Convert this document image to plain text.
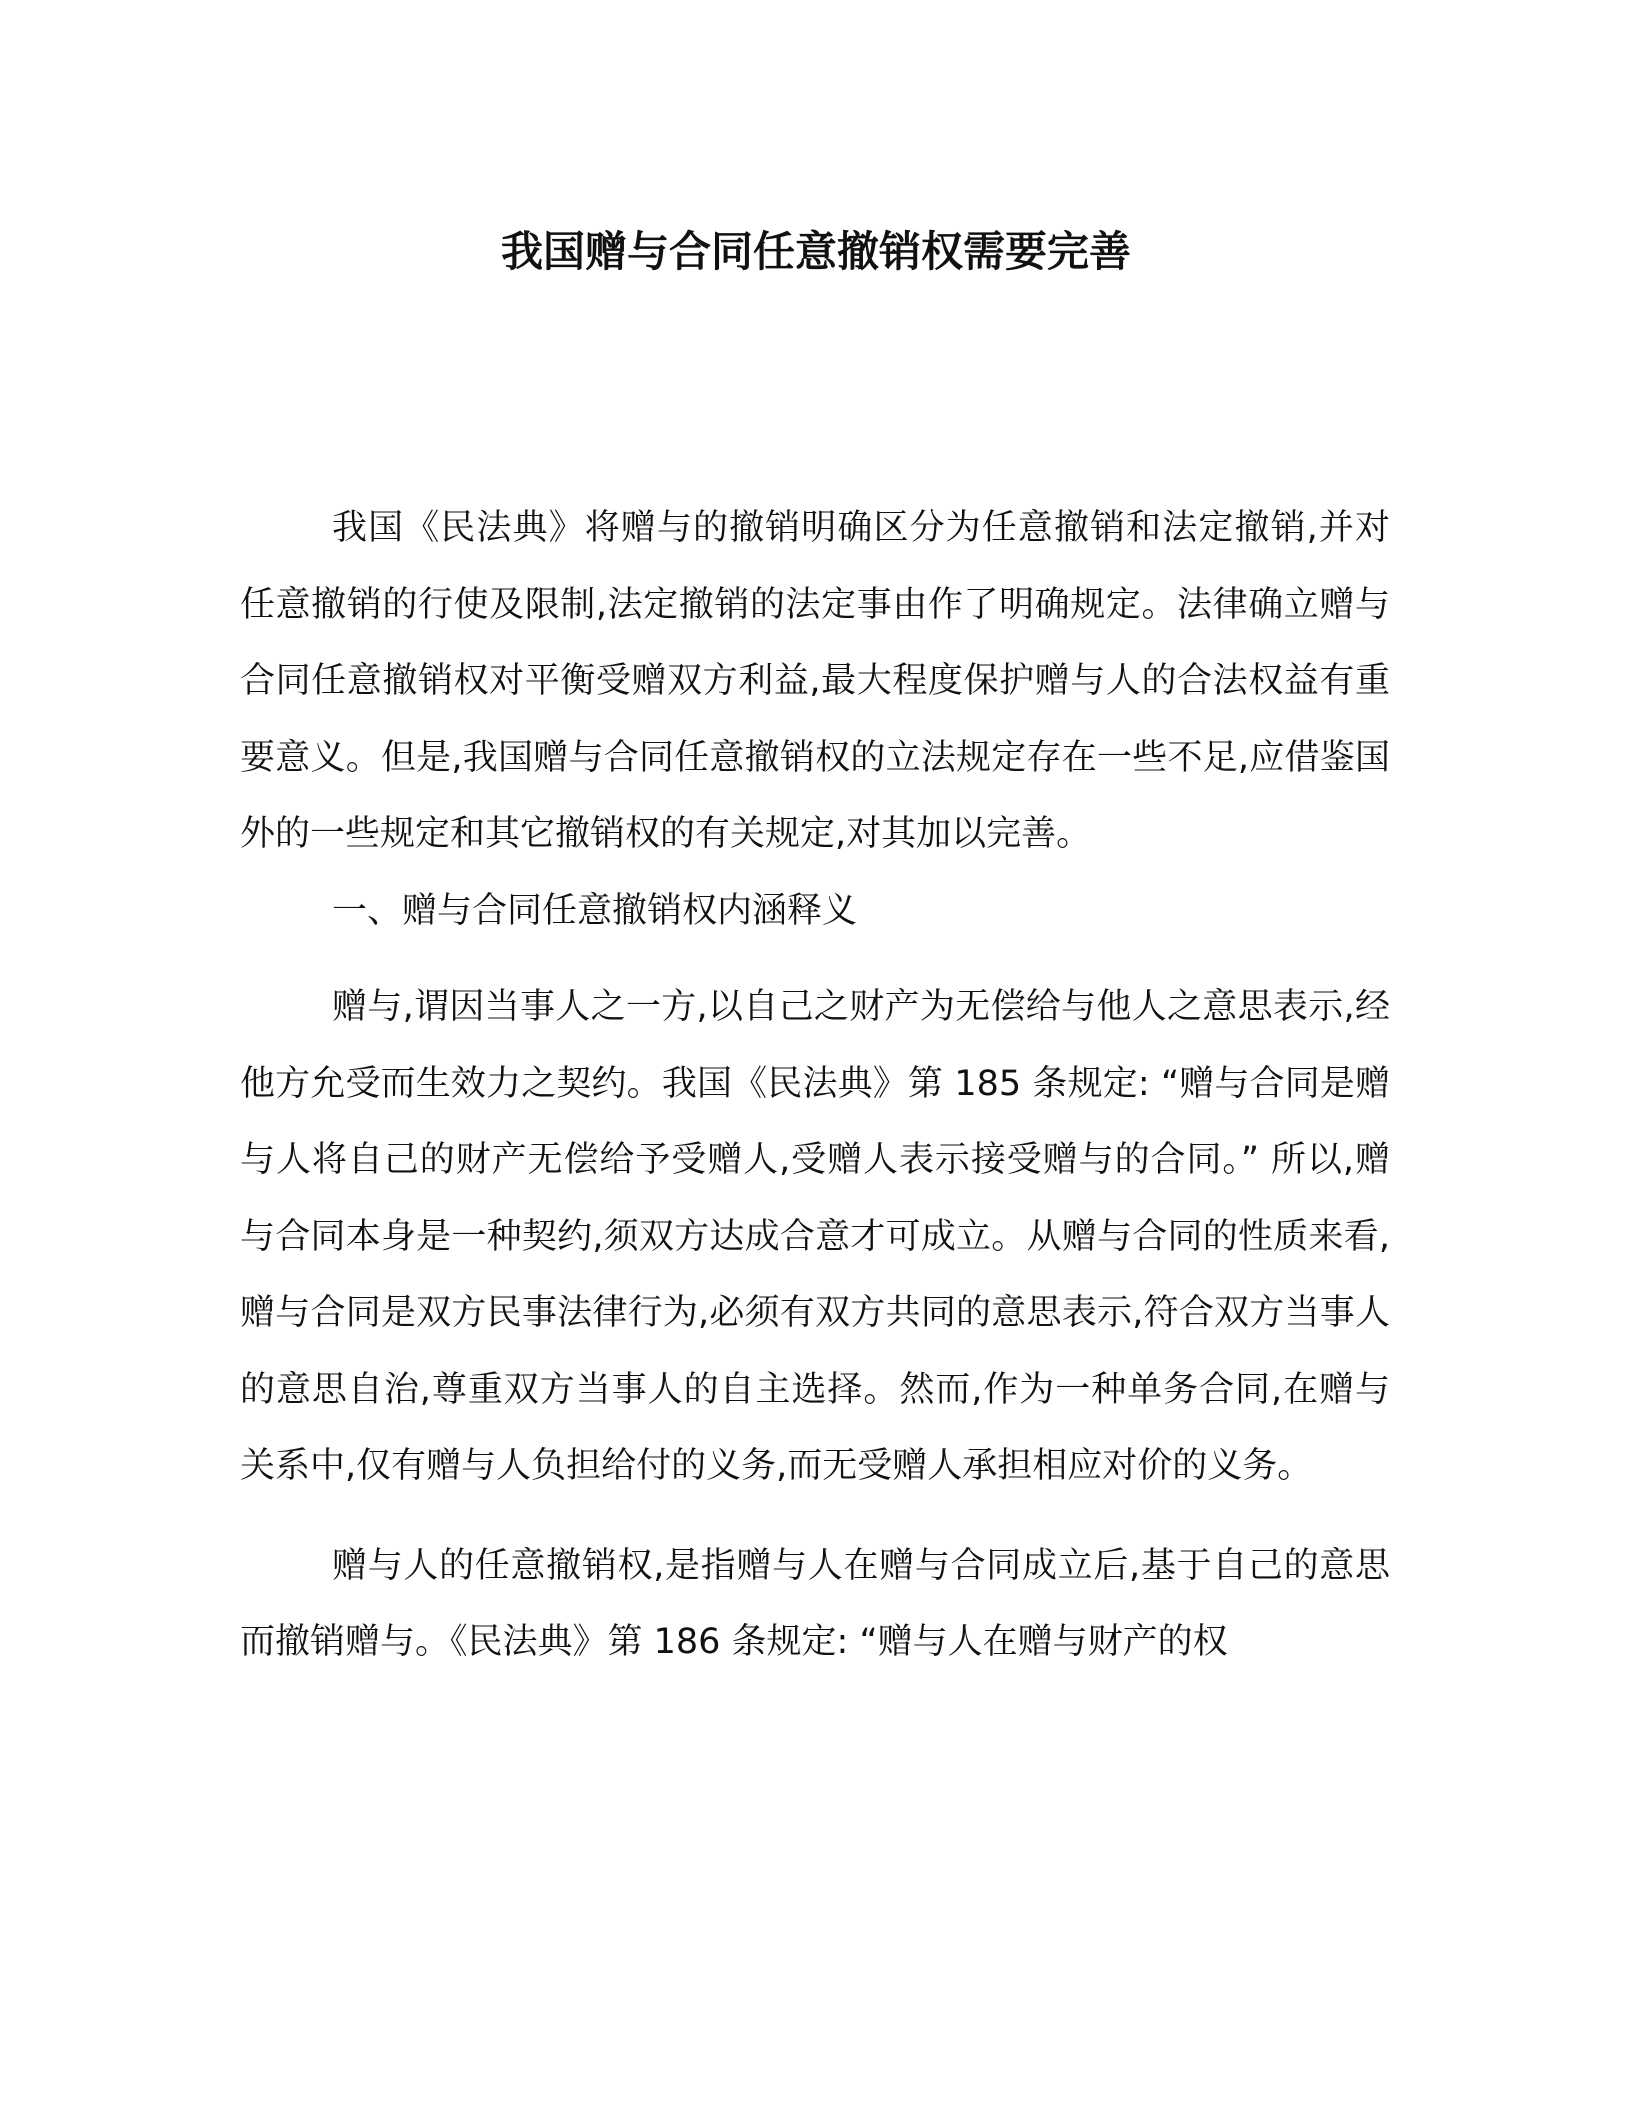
我国赠与合同任意撤销权需要完善

我国《民法典》将赠与的撤销明确区分为任意撤销和法定撤销,并对任意撤销的行使及限制,法定撤销的法定事由作了明确规定。法律确立赠与合同任意撤销权对平衡受赠双方利益,最大程度保护赠与人的合法权益有重要意义。但是,我国赠与合同任意撤销权的立法规定存在一些不足,应借鉴国外的一些规定和其它撤销权的有关规定,对其加以完善。

一、赠与合同任意撤销权内涵释义

赠与,谓因当事人之一方,以自己之财产为无偿给与他人之意思表示,经他方允受而生效力之契约。我国《民法典》第 185 条规定: “赠与合同是赠与人将自己的财产无偿给予受赠人,受赠人表示接受赠与的合同。” 所以,赠与合同本身是一种契约,须双方达成合意才可成立。从赠与合同的性质来看,赠与合同是双方民事法律行为,必须有双方共同的意思表示,符合双方当事人的意思自治,尊重双方当事人的自主选择。然而,作为一种单务合同,在赠与关系中,仅有赠与人负担给付的义务,而无受赠人承担相应对价的义务。

赠与人的任意撤销权,是指赠与人在赠与合同成立后,基于自己的意思而撤销赠与。《民法典》第 186 条规定: “赠与人在赠与财产的权
